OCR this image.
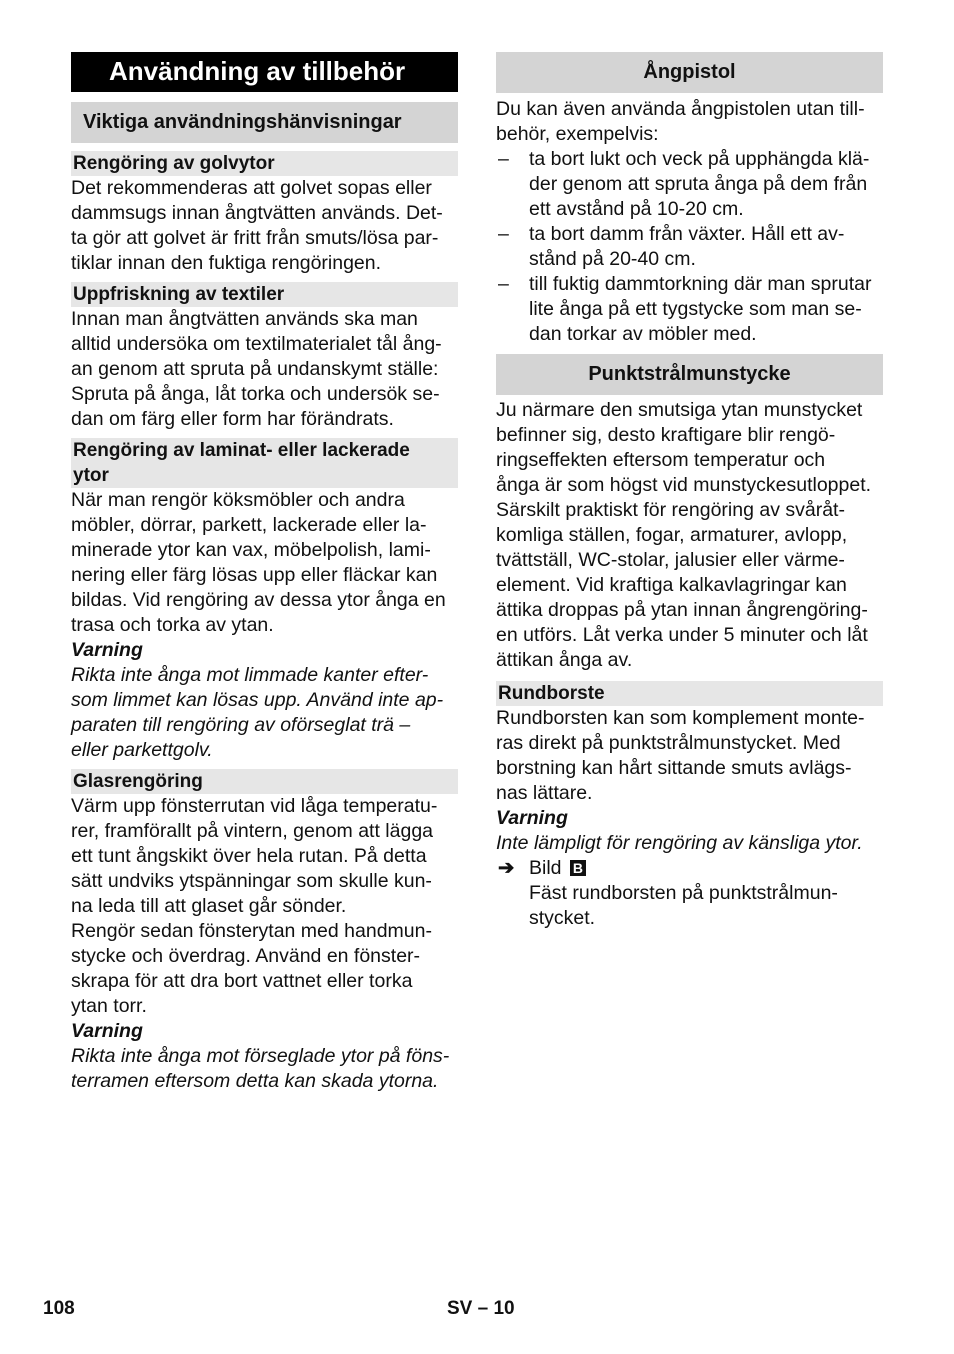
Användning av tillbehör
Viktiga användningshänvisningar
Rengöring av golvytor
Det rekommenderas att golvet sopas eller
dammsugs innan ångtvätten används. Det-
ta gör att golvet är fritt från smuts/lösa par-
tiklar innan den fuktiga rengöringen.
Uppfriskning av textiler
Innan man ångtvätten används ska man
alltid undersöka om textilmaterialet tål ång-
an genom att spruta på undanskymt ställe:
Spruta på ånga, låt torka och undersök se-
dan om färg eller form har förändrats.
Rengöring av laminat- eller lackerade
ytor
När man rengör köksmöbler och andra
möbler, dörrar, parkett, lackerade eller la-
minerade ytor kan vax, möbelpolish, lami-
nering eller färg lösas upp eller fläckar kan
bildas. Vid rengöring av dessa ytor ånga en
trasa och torka av ytan.
Varning
Rikta inte ånga mot limmade kanter efter-
som limmet kan lösas upp. Använd inte ap-
paraten till rengöring av oförseglat trä –
eller parkettgolv.
Glasrengöring
Värm upp fönsterrutan vid låga temperatu-
rer, framförallt på vintern, genom att lägga
ett tunt ångskikt över hela rutan. På detta
sätt undviks ytspänningar som skulle kun-
na leda till att glaset går sönder.
Rengör sedan fönsterytan med handmun-
stycke och överdrag. Använd en fönster-
skrapa för att dra bort vattnet eller torka
ytan torr.
Varning
Rikta inte ånga mot förseglade ytor på föns-
terramen eftersom detta kan skada ytorna.
Ångpistol
Du kan även använda ångpistolen utan till-
behör, exempelvis:
– ta bort lukt och veck på upphängda klä-
der genom att spruta ånga på dem från
ett avstånd på 10-20 cm.
– ta bort damm från växter. Håll ett av-
stånd på 20-40 cm.
– till fuktig dammtorkning där man sprutar
lite ånga på ett tygstycke som man se-
dan torkar av möbler med.
Punktstrålmunstycke
Ju närmare den smutsiga ytan munstycket
befinner sig, desto kraftigare blir rengö-
ringseffekten eftersom temperatur och
ånga är som högst vid munstyckesutloppet.
Särskilt praktiskt för rengöring av svåråt-
komliga ställen, fogar, armaturer, avlopp,
tvättställ, WC-stolar, jalusier eller värme-
element. Vid kraftiga kalkavlagringar kan
ättika droppas på ytan innan ångrengöring-
en utförs. Låt verka under 5 minuter och låt
ättikan ånga av.
Rundborste
Rundborsten kan som komplement monte-
ras direkt på punktstrålmunstycket. Med
borstning kan hårt sittande smuts avlägs-
nas lättare.
Varning
Inte lämpligt för rengöring av känsliga ytor.
➔ Bild B
Fäst rundborsten på punktstrålmun-
stycket.
108	SV – 10
